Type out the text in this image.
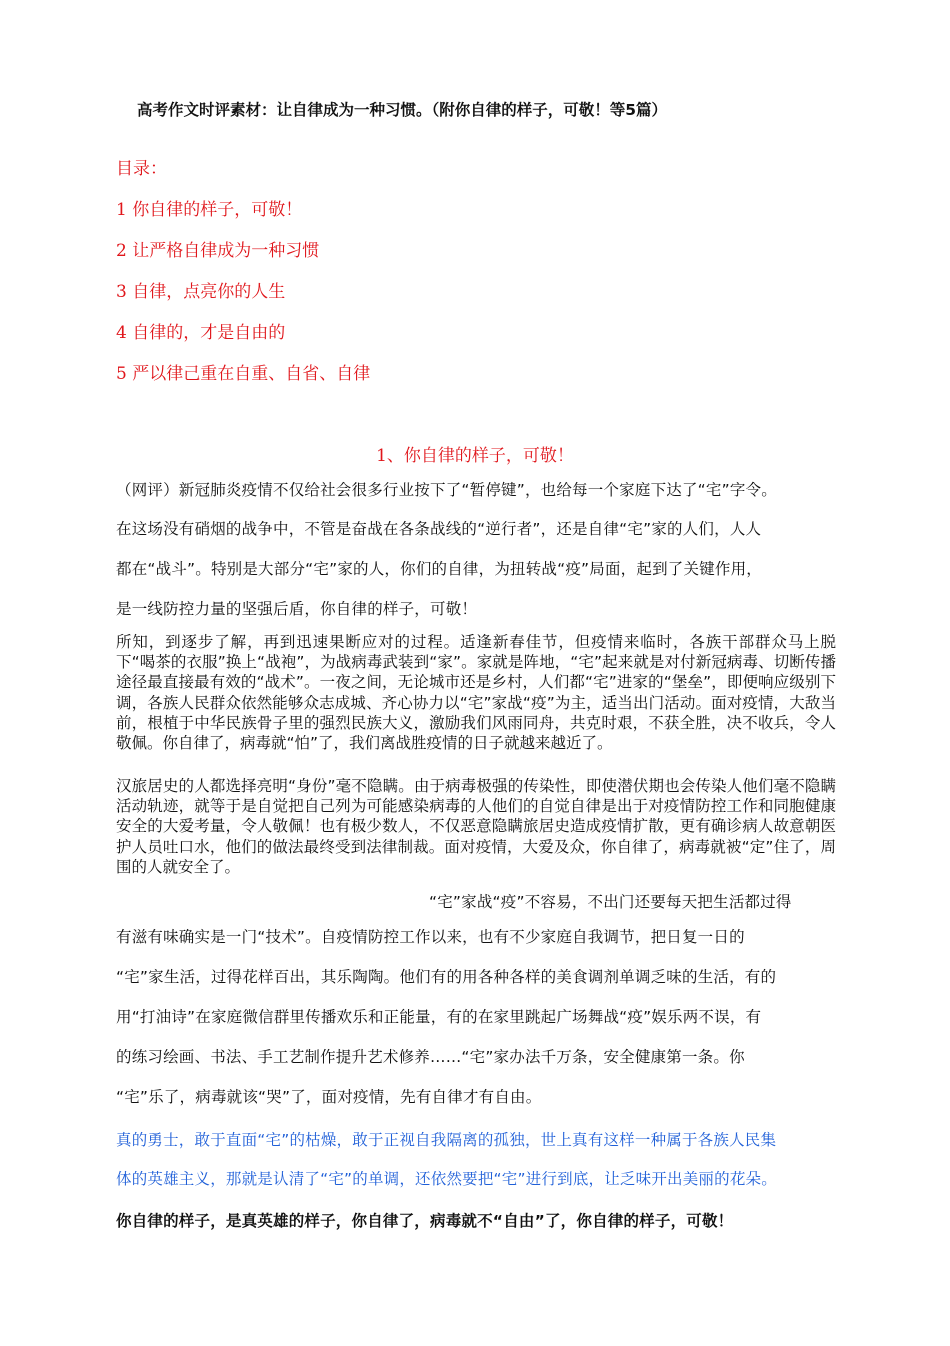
高考作文时评素材：让自律成为一种习惯。（附你自律的样子，可敬！等5篇）

目录：

1 你自律的样子，可敬！

2 让严格自律成为一种习惯

3 自律，点亮你的人生

4 自律的，才是自由的

5 严以律己重在自重、自省、自律

1、你自律的样子，可敬！

（网评）新冠肺炎疫情不仅给社会很多行业按下了“暂停键”，也给每一个家庭下达了“宅”字令。

在这场没有硝烟的战争中，不管是奋战在各条战线的“逆行者”，还是自律“宅”家的人们，人人

都在“战斗”。特别是大部分“宅”家的人，你们的自律，为扭转战“疫”局面，起到了关键作用，

是一线防控力量的坚强后盾，你自律的样子，可敬！

所知，到逐步了解，再到迅速果断应对的过程。适逢新春佳节，但疫情来临时，各族干部群众马上脱下“喝茶的衣服”换上“战袍”，为战病毒武装到“家”。家就是阵地，“宅”起来就是对付新冠病毒、切断传播途径最直接最有效的“战术”。一夜之间，无论城市还是乡村，人们都“宅”进家的“堡垒”，即便响应级别下调，各族人民群众依然能够众志成城、齐心协力以“宅”家战“疫”为主，适当出门活动。面对疫情，大敌当前，根植于中华民族骨子里的强烈民族大义，激励我们风雨同舟，共克时艰，不获全胜，决不收兵，令人敬佩。你自律了，病毒就“怕”了，我们离战胜疫情的日子就越来越近了。

汉旅居史的人都选择亮明“身份”毫不隐瞒。由于病毒极强的传染性，即使潜伏期也会传染人他们毫不隐瞒活动轨迹，就等于是自觉把自己列为可能感染病毒的人他们的自觉自律是出于对疫情防控工作和同胞健康安全的大爱考量，令人敬佩！也有极少数人，不仅恶意隐瞒旅居史造成疫情扩散，更有确诊病人故意朝医护人员吐口水，他们的做法最终受到法律制裁。面对疫情，大爱及众，你自律了，病毒就被“定”住了，周围的人就安全了。

“宅”家战“疫”不容易，不出门还要每天把生活都过得

有滋有味确实是一门“技术”。自疫情防控工作以来，也有不少家庭自我调节，把日复一日的

“宅”家生活，过得花样百出，其乐陶陶。他们有的用各种各样的美食调剂单调乏味的生活，有的

用“打油诗”在家庭微信群里传播欢乐和正能量，有的在家里跳起广场舞战“疫”娱乐两不误，有

的练习绘画、书法、手工艺制作提升艺术修养……“宅”家办法千万条，安全健康第一条。你

“宅”乐了，病毒就该“哭”了，面对疫情，先有自律才有自由。

真的勇士，敢于直面“宅”的枯燥，敢于正视自我隔离的孤独，世上真有这样一种属于各族人民集

体的英雄主义，那就是认清了“宅”的单调，还依然要把“宅”进行到底，让乏味开出美丽的花朵。

你自律的样子，是真英雄的样子，你自律了，病毒就不“自由”了，你自律的样子，可敬！
